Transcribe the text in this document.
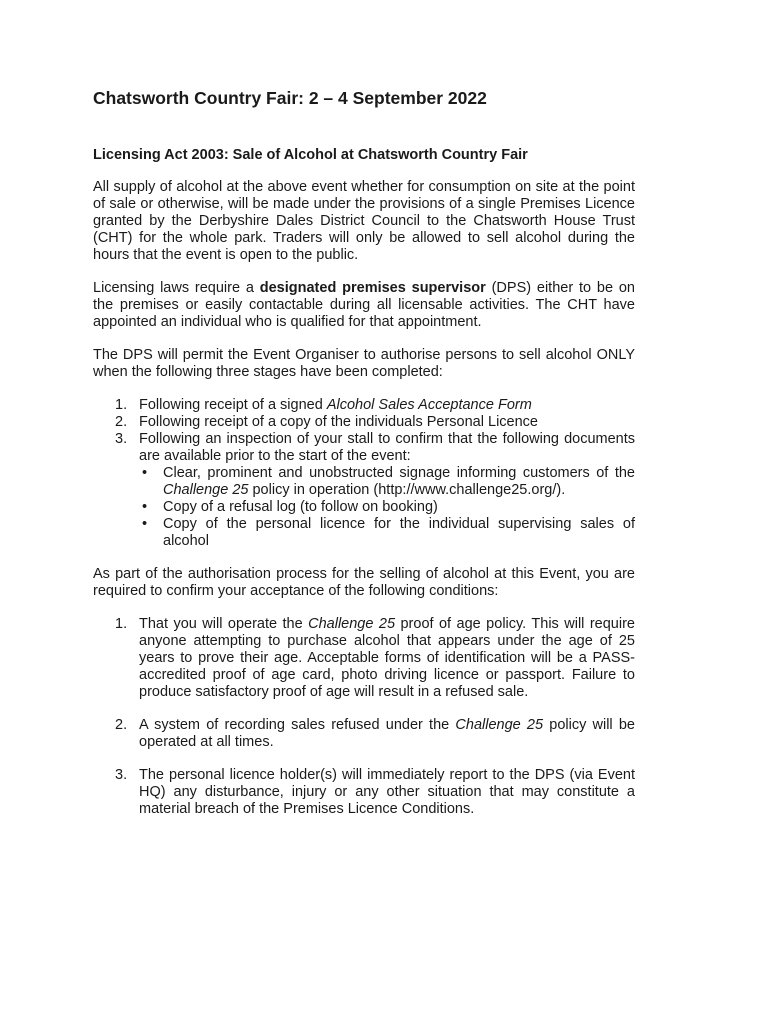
Chatsworth Country Fair: 2 – 4 September 2022
Licensing Act 2003: Sale of Alcohol at Chatsworth Country Fair

All supply of alcohol at the above event whether for consumption on site at the point of sale or otherwise, will be made under the provisions of a single Premises Licence granted by the Derbyshire Dales District Council to the Chatsworth House Trust (CHT) for the whole park. Traders will only be allowed to sell alcohol during the hours that the event is open to the public.

Licensing laws require a designated premises supervisor (DPS) either to be on the premises or easily contactable during all licensable activities. The CHT have appointed an individual who is qualified for that appointment.

The DPS will permit the Event Organiser to authorise persons to sell alcohol ONLY when the following three stages have been completed:

1. Following receipt of a signed Alcohol Sales Acceptance Form
2. Following receipt of a copy of the individuals Personal Licence
3. Following an inspection of your stall to confirm that the following documents are available prior to the start of the event:
• Clear, prominent and unobstructed signage informing customers of the Challenge 25 policy in operation (http://www.challenge25.org/).
• Copy of a refusal log (to follow on booking)
• Copy of the personal licence for the individual supervising sales of alcohol

As part of the authorisation process for the selling of alcohol at this Event, you are required to confirm your acceptance of the following conditions:

1. That you will operate the Challenge 25 proof of age policy. This will require anyone attempting to purchase alcohol that appears under the age of 25 years to prove their age. Acceptable forms of identification will be a PASS-accredited proof of age card, photo driving licence or passport. Failure to produce satisfactory proof of age will result in a refused sale.
2. A system of recording sales refused under the Challenge 25 policy will be operated at all times.
3. The personal licence holder(s) will immediately report to the DPS (via Event HQ) any disturbance, injury or any other situation that may constitute a material breach of the Premises Licence Conditions.
